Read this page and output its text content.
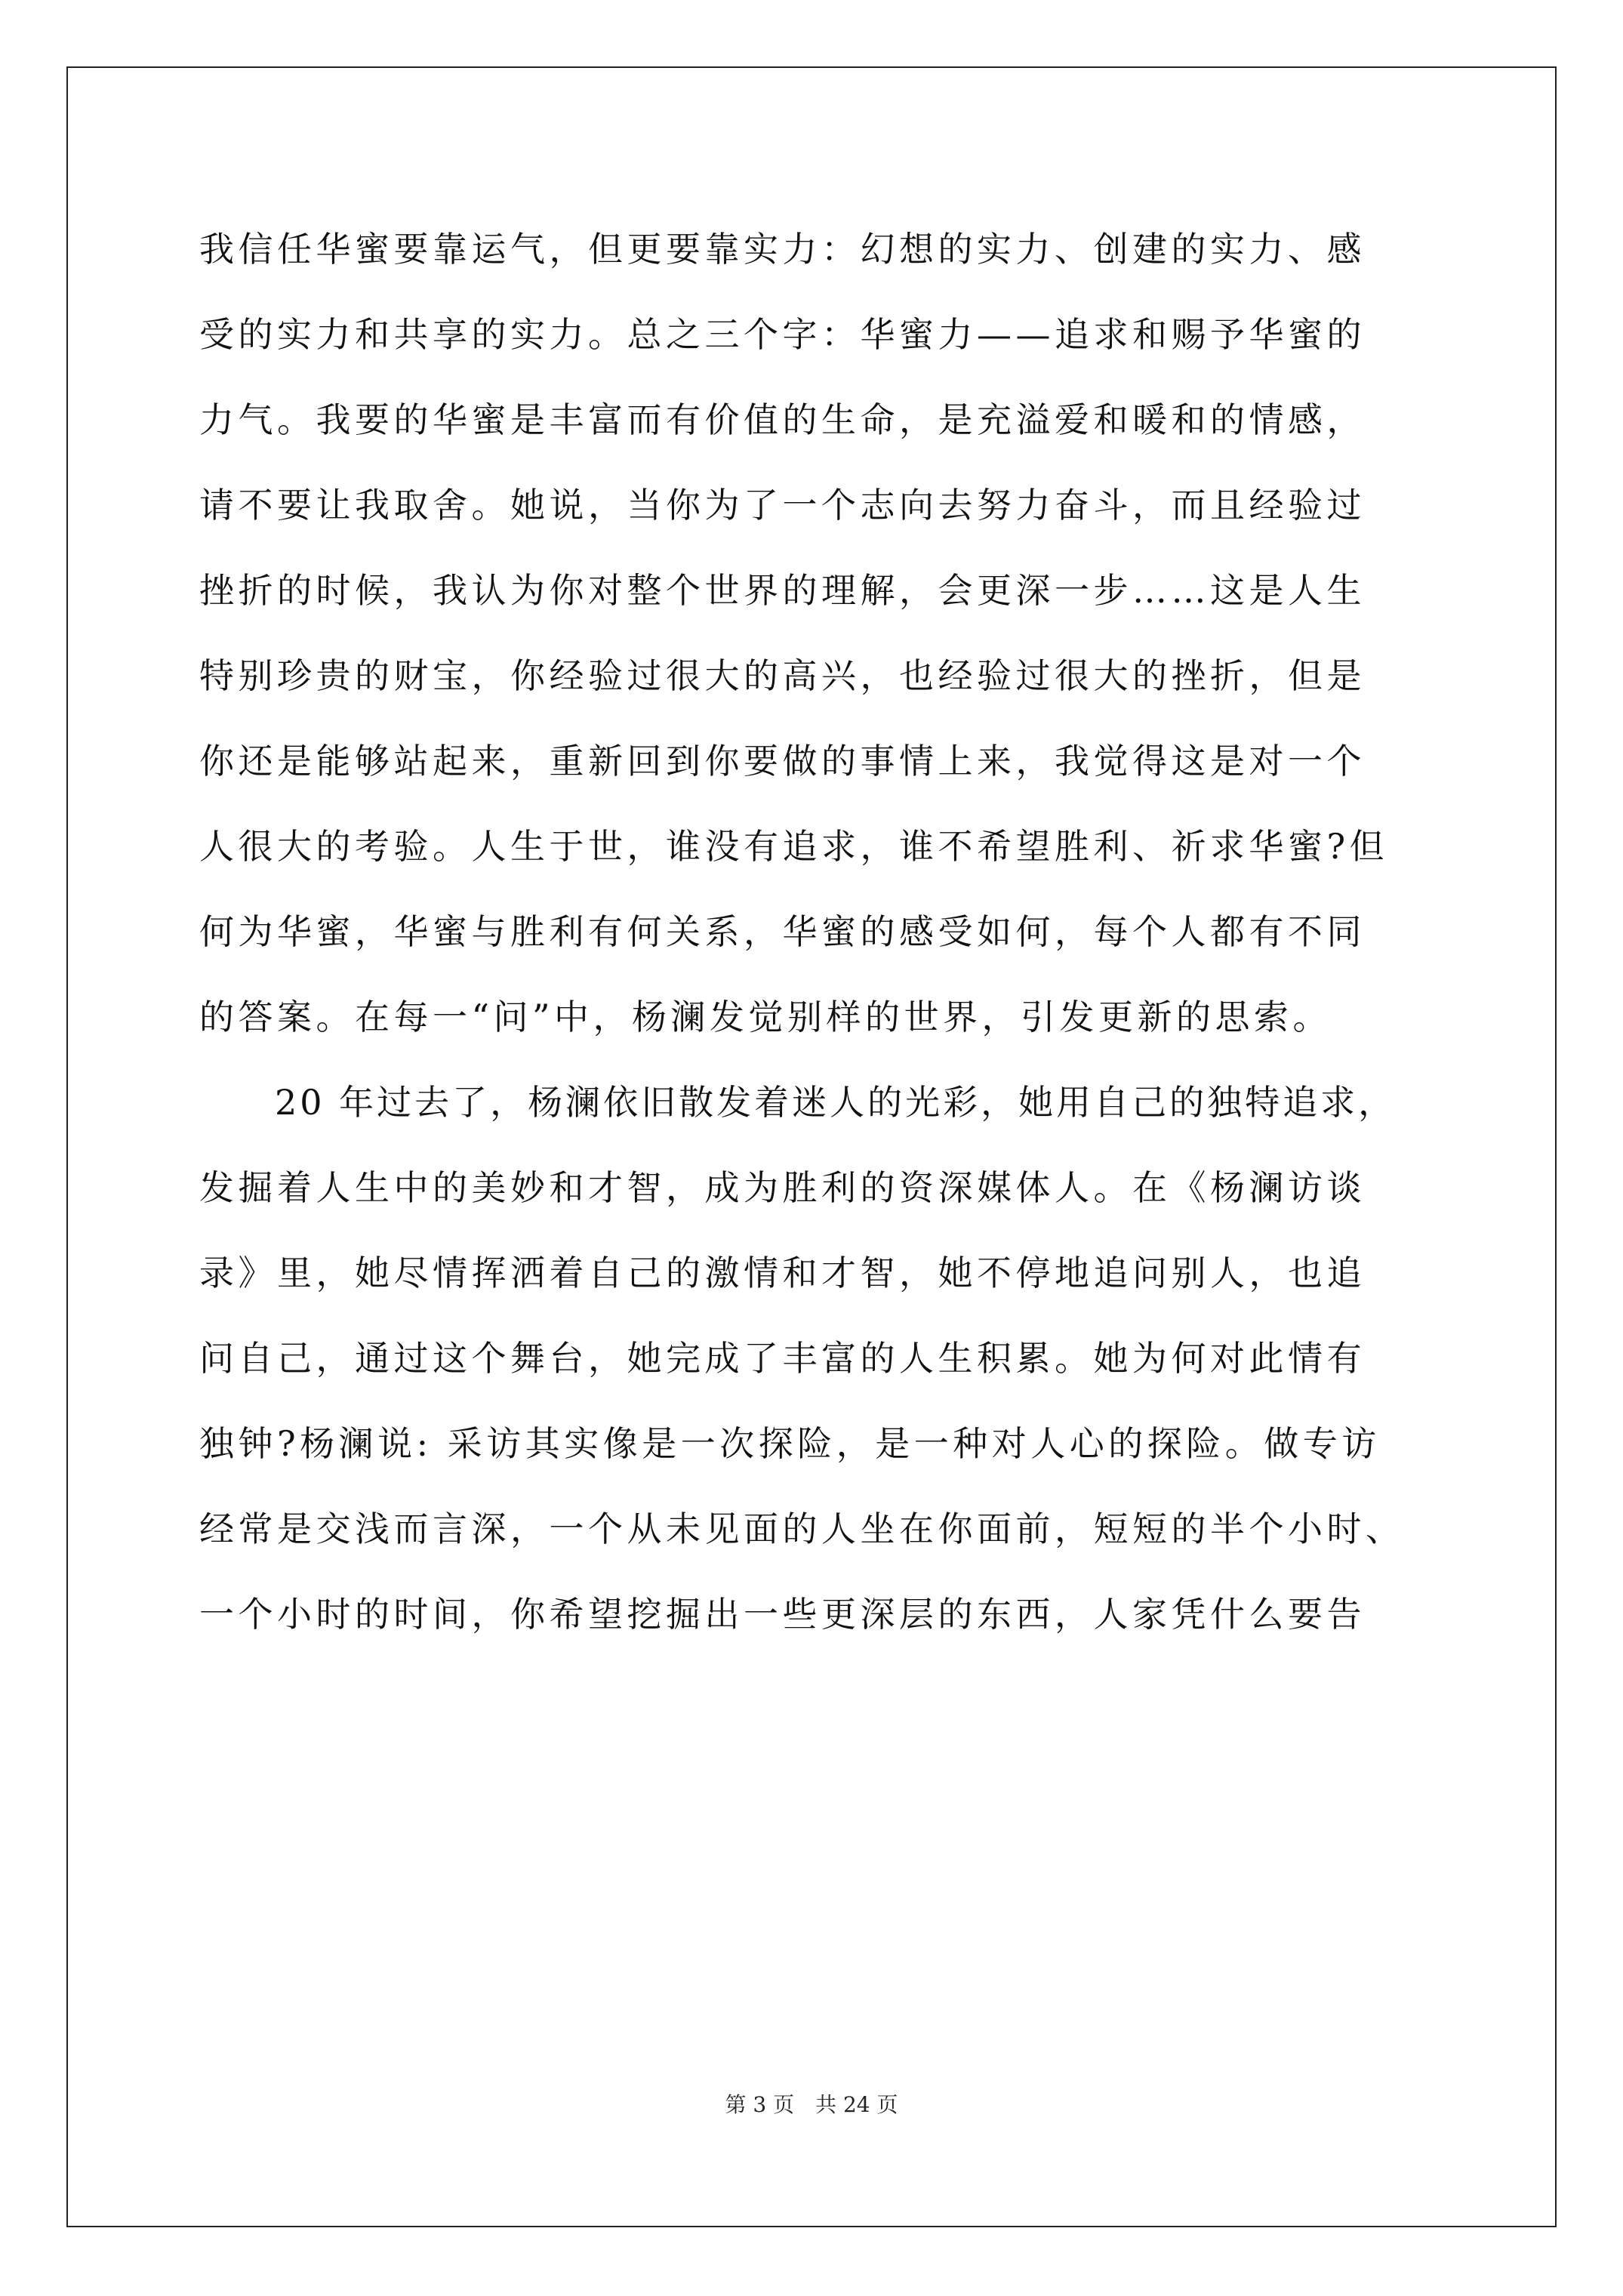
我信任华蜜要靠运气，但更要靠实力：幻想的实力、创建的实力、感
受的实力和共享的实力。总之三个字：华蜜力——追求和赐予华蜜的
力气。我要的华蜜是丰富而有价值的生命，是充溢爱和暖和的情感，
请不要让我取舍。她说，当你为了一个志向去努力奋斗，而且经验过
挫折的时候，我认为你对整个世界的理解，会更深一步……这是人生
特别珍贵的财宝，你经验过很大的高兴，也经验过很大的挫折，但是
你还是能够站起来，重新回到你要做的事情上来，我觉得这是对一个
人很大的考验。人生于世，谁没有追求，谁不希望胜利、祈求华蜜?但
何为华蜜，华蜜与胜利有何关系，华蜜的感受如何，每个人都有不同
的答案。在每一“问”中，杨澜发觉别样的世界，引发更新的思索。
20 年过去了，杨澜依旧散发着迷人的光彩，她用自己的独特追求，
发掘着人生中的美妙和才智，成为胜利的资深媒体人。在《杨澜访谈
录》里，她尽情挥洒着自己的激情和才智，她不停地追问别人，也追
问自己，通过这个舞台，她完成了丰富的人生积累。她为何对此情有
独钟?杨澜说: 采访其实像是一次探险，是一种对人心的探险。做专访
经常是交浅而言深，一个从未见面的人坐在你面前，短短的半个小时、
一个小时的时间，你希望挖掘出一些更深层的东西，人家凭什么要告
第 3 页　共 24 页
